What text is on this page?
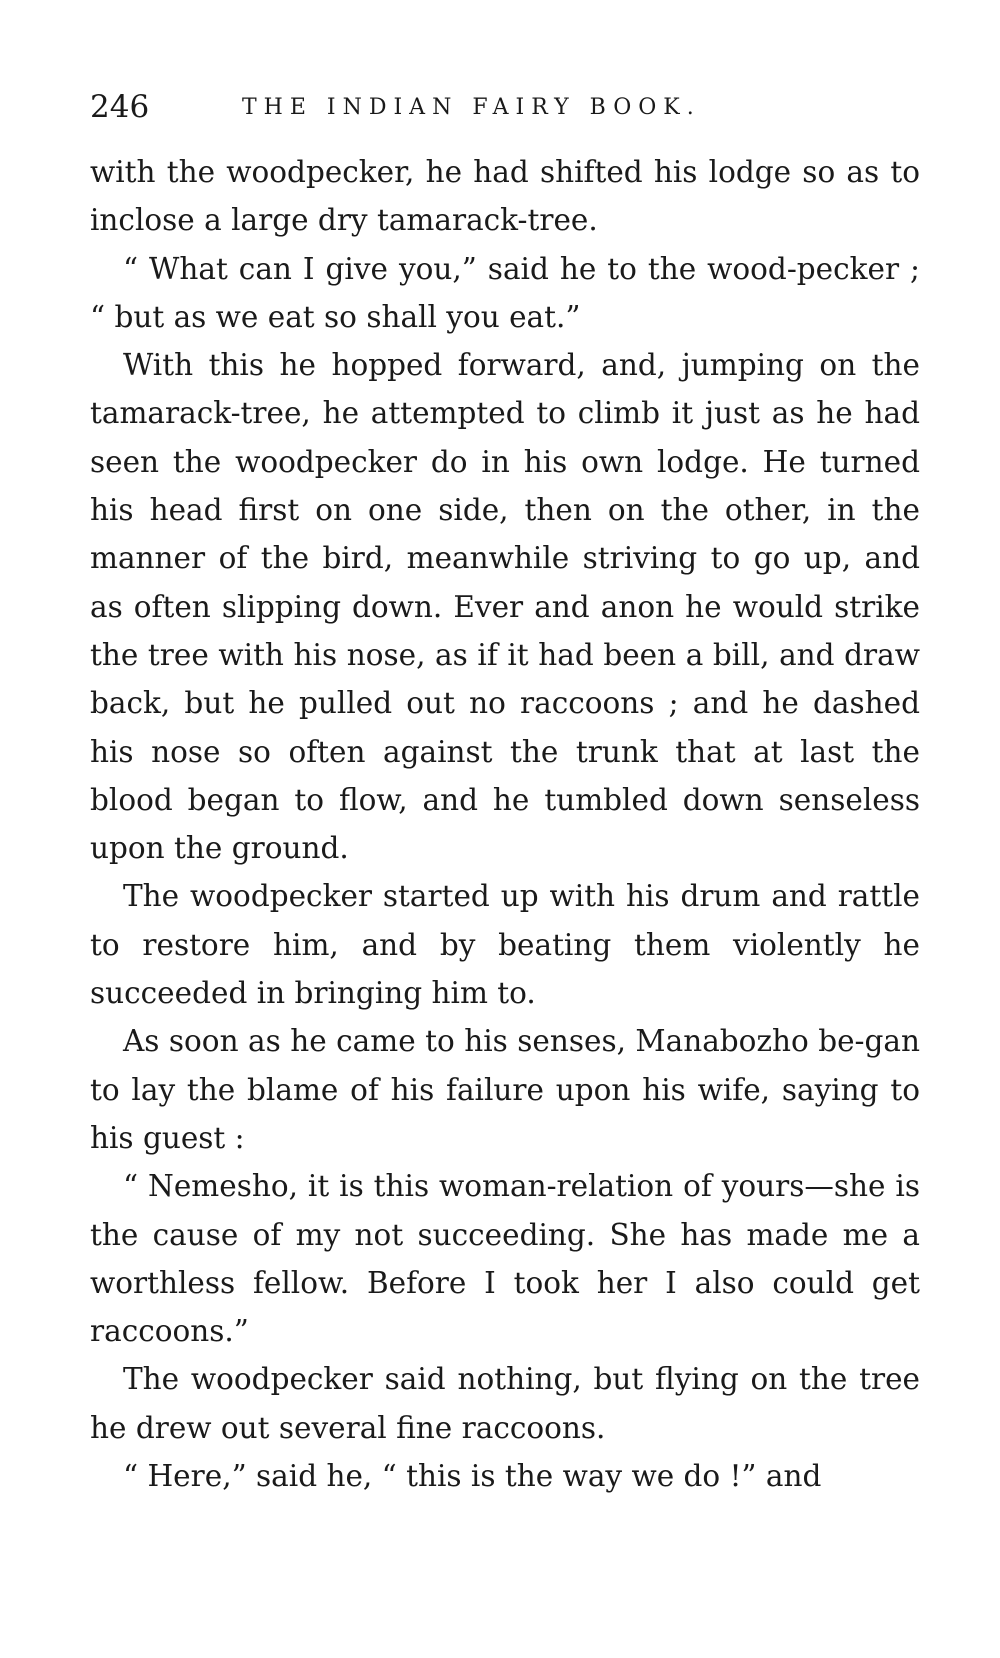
246	THE INDIAN FAIRY BOOK.

with the woodpecker, he had shifted his lodge so as to inclose a large dry tamarack-tree.

“ What can I give you,” said he to the wood-pecker ; “ but as we eat so shall you eat.”

With this he hopped forward, and, jumping on the tamarack-tree, he attempted to climb it just as he had seen the woodpecker do in his own lodge. He turned his head first on one side, then on the other, in the manner of the bird, meanwhile striving to go up, and as often slipping down. Ever and anon he would strike the tree with his nose, as if it had been a bill, and draw back, but he pulled out no raccoons ; and he dashed his nose so often against the trunk that at last the blood began to flow, and he tumbled down senseless upon the ground.

The woodpecker started up with his drum and rattle to restore him, and by beating them violently he succeeded in bringing him to.

As soon as he came to his senses, Manabozho be-gan to lay the blame of his failure upon his wife, saying to his guest :

“ Nemesho, it is this woman-relation of yours—she is the cause of my not succeeding. She has made me a worthless fellow. Before I took her I also could get raccoons.”

The woodpecker said nothing, but flying on the tree he drew out several fine raccoons.

“ Here,” said he, “ this is the way we do !” and
